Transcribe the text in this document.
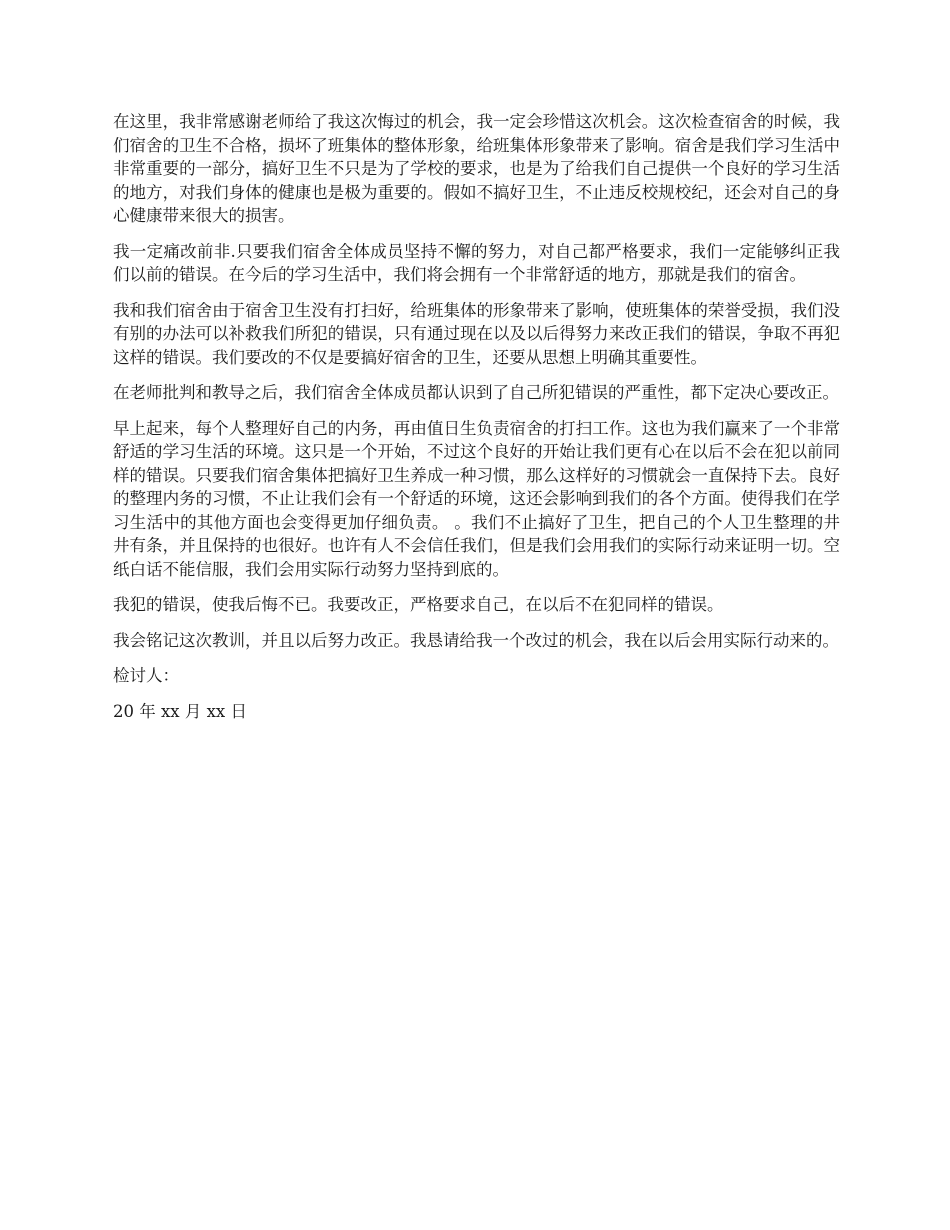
在这里，我非常感谢老师给了我这次悔过的机会，我一定会珍惜这次机会。这次检查宿舍的时候，我们宿舍的卫生不合格，损坏了班集体的整体形象，给班集体形象带来了影响。宿舍是我们学习生活中非常重要的一部分，搞好卫生不只是为了学校的要求，也是为了给我们自己提供一个良好的学习生活的地方，对我们身体的健康也是极为重要的。假如不搞好卫生，不止违反校规校纪，还会对自己的身心健康带来很大的损害。

我一定痛改前非.只要我们宿舍全体成员坚持不懈的努力，对自己都严格要求，我们一定能够纠正我们以前的错误。在今后的学习生活中，我们将会拥有一个非常舒适的地方，那就是我们的宿舍。

我和我们宿舍由于宿舍卫生没有打扫好，给班集体的形象带来了影响，使班集体的荣誉受损，我们没有别的办法可以补救我们所犯的错误，只有通过现在以及以后得努力来改正我们的错误，争取不再犯这样的错误。我们要改的不仅是要搞好宿舍的卫生，还要从思想上明确其重要性。

在老师批判和教导之后，我们宿舍全体成员都认识到了自己所犯错误的严重性，都下定决心要改正。

早上起来，每个人整理好自己的内务，再由值日生负责宿舍的打扫工作。这也为我们赢来了一个非常舒适的学习生活的环境。这只是一个开始，不过这个良好的开始让我们更有心在以后不会在犯以前同样的错误。只要我们宿舍集体把搞好卫生养成一种习惯，那么这样好的习惯就会一直保持下去。良好的整理内务的习惯，不止让我们会有一个舒适的环境，这还会影响到我们的各个方面。使得我们在学习生活中的其他方面也会变得更加仔细负责。 。我们不止搞好了卫生，把自己的个人卫生整理的井井有条，并且保持的也很好。也许有人不会信任我们，但是我们会用我们的实际行动来证明一切。空纸白话不能信服，我们会用实际行动努力坚持到底的。

我犯的错误，使我后悔不已。我要改正，严格要求自己，在以后不在犯同样的错误。

我会铭记这次教训，并且以后努力改正。我恳请给我一个改过的机会，我在以后会用实际行动来的。

检讨人：

20 年 xx 月 xx 日
